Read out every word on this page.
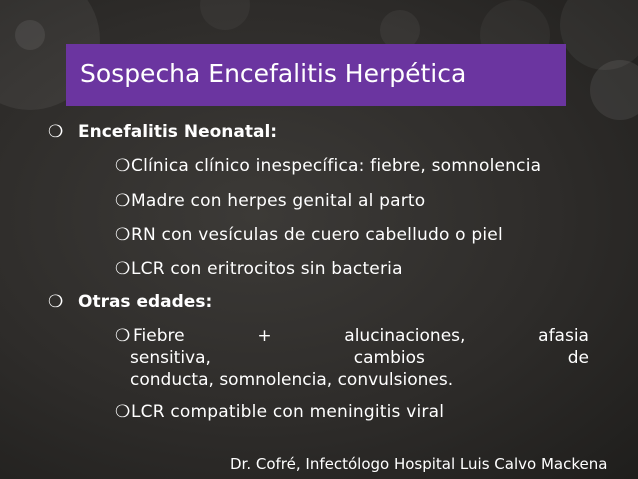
Sospecha Encefalitis Herpética
❍ Encefalitis Neonatal:
❍Clínica clínico inespecífica: fiebre, somnolencia
❍Madre con herpes genital al parto
❍RN con vesículas de cuero cabelludo o piel
❍LCR con eritrocitos sin bacteria
❍ Otras edades:
❍ Fiebre	+	alucinaciones,	afasia
sensitiva,	cambios	de
conducta, somnolencia, convulsiones.
❍LCR compatible con meningitis viral
Dr. Cofré, Infectólogo Hospital Luis Calvo Mackena
